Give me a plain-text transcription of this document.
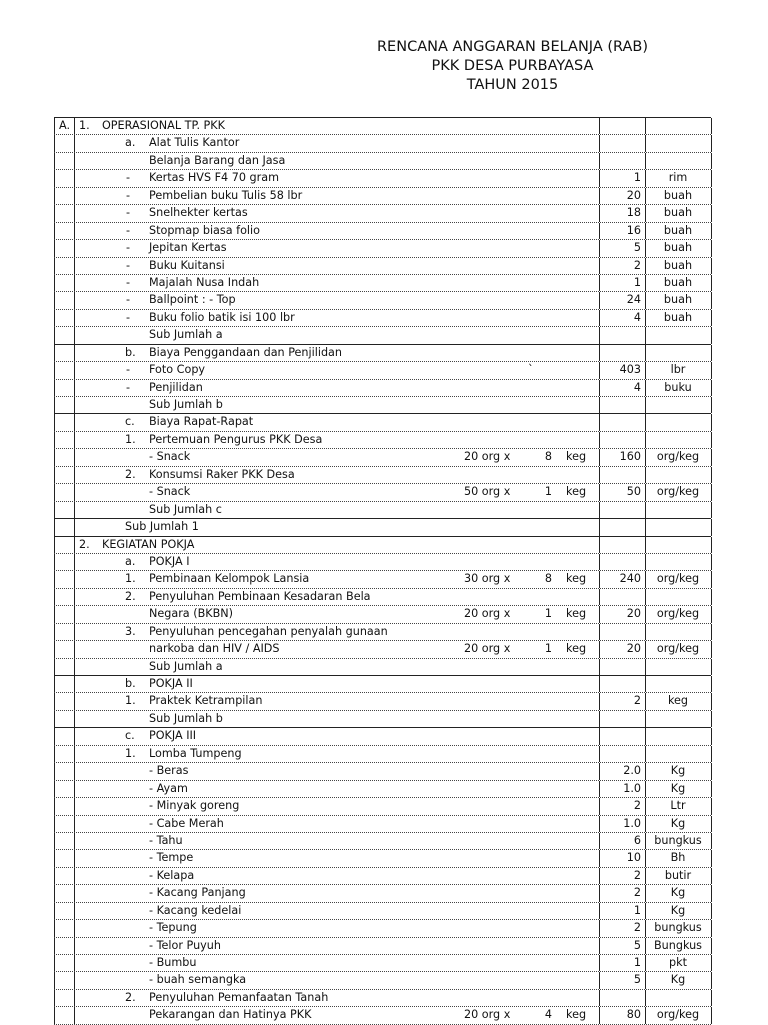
RENCANA ANGGARAN BELANJA (RAB)
PKK DESA PURBAYASA
TAHUN 2015
A. 1. OPERASIONAL TP. PKK
a. Alat Tulis Kantor
Belanja Barang dan Jasa
- Kertas HVS F4 70 gram	1	rim
- Pembelian buku Tulis 58 lbr	20	buah
- Snelhekter kertas	18	buah
- Stopmap biasa folio	16	buah
- Jepitan Kertas	5	buah
- Buku Kuitansi	2	buah
- Majalah Nusa Indah	1	buah
- Ballpoint : - Top	24	buah
- Buku folio batik isi 100 lbr	4	buah
Sub Jumlah a
b. Biaya Penggandaan dan Penjilidan
- Foto Copy	403	lbr
`
- Penjilidan	4	buku
Sub Jumlah b
c. Biaya Rapat-Rapat
1. Pertemuan Pengurus PKK Desa
- Snack	20 org x	8 keg	160	org/keg
2. Konsumsi Raker PKK Desa
- Snack	50 org x	1 keg	50	org/keg
Sub Jumlah c
Sub Jumlah 1
2. KEGIATAN POKJA
a. POKJA I
1. Pembinaan Kelompok Lansia	30 org x	8 keg	240	org/keg
2. Penyuluhan Pembinaan Kesadaran Bela
Negara (BKBN)	20 org x	1 keg	20	org/keg
3. Penyuluhan pencegahan penyalah gunaan
narkoba dan HIV / AIDS	20 org x	1 keg	20	org/keg
Sub Jumlah a
b. POKJA II
1. Praktek Ketrampilan	2	keg
Sub Jumlah b
c. POKJA III
1. Lomba Tumpeng
- Beras	2.0	Kg
- Ayam	1.0	Kg
- Minyak goreng	2	Ltr
- Cabe Merah	1.0	Kg
- Tahu	6	bungkus
- Tempe	10	Bh
- Kelapa	2	butir
- Kacang Panjang	2	Kg
- Kacang kedelai	1	Kg
- Tepung	2	bungkus
- Telor Puyuh	5	Bungkus
- Bumbu	1	pkt
- buah semangka	5	Kg
2. Penyuluhan Pemanfaatan Tanah
Pekarangan dan Hatinya PKK	20 org x	4 keg	80	org/keg
